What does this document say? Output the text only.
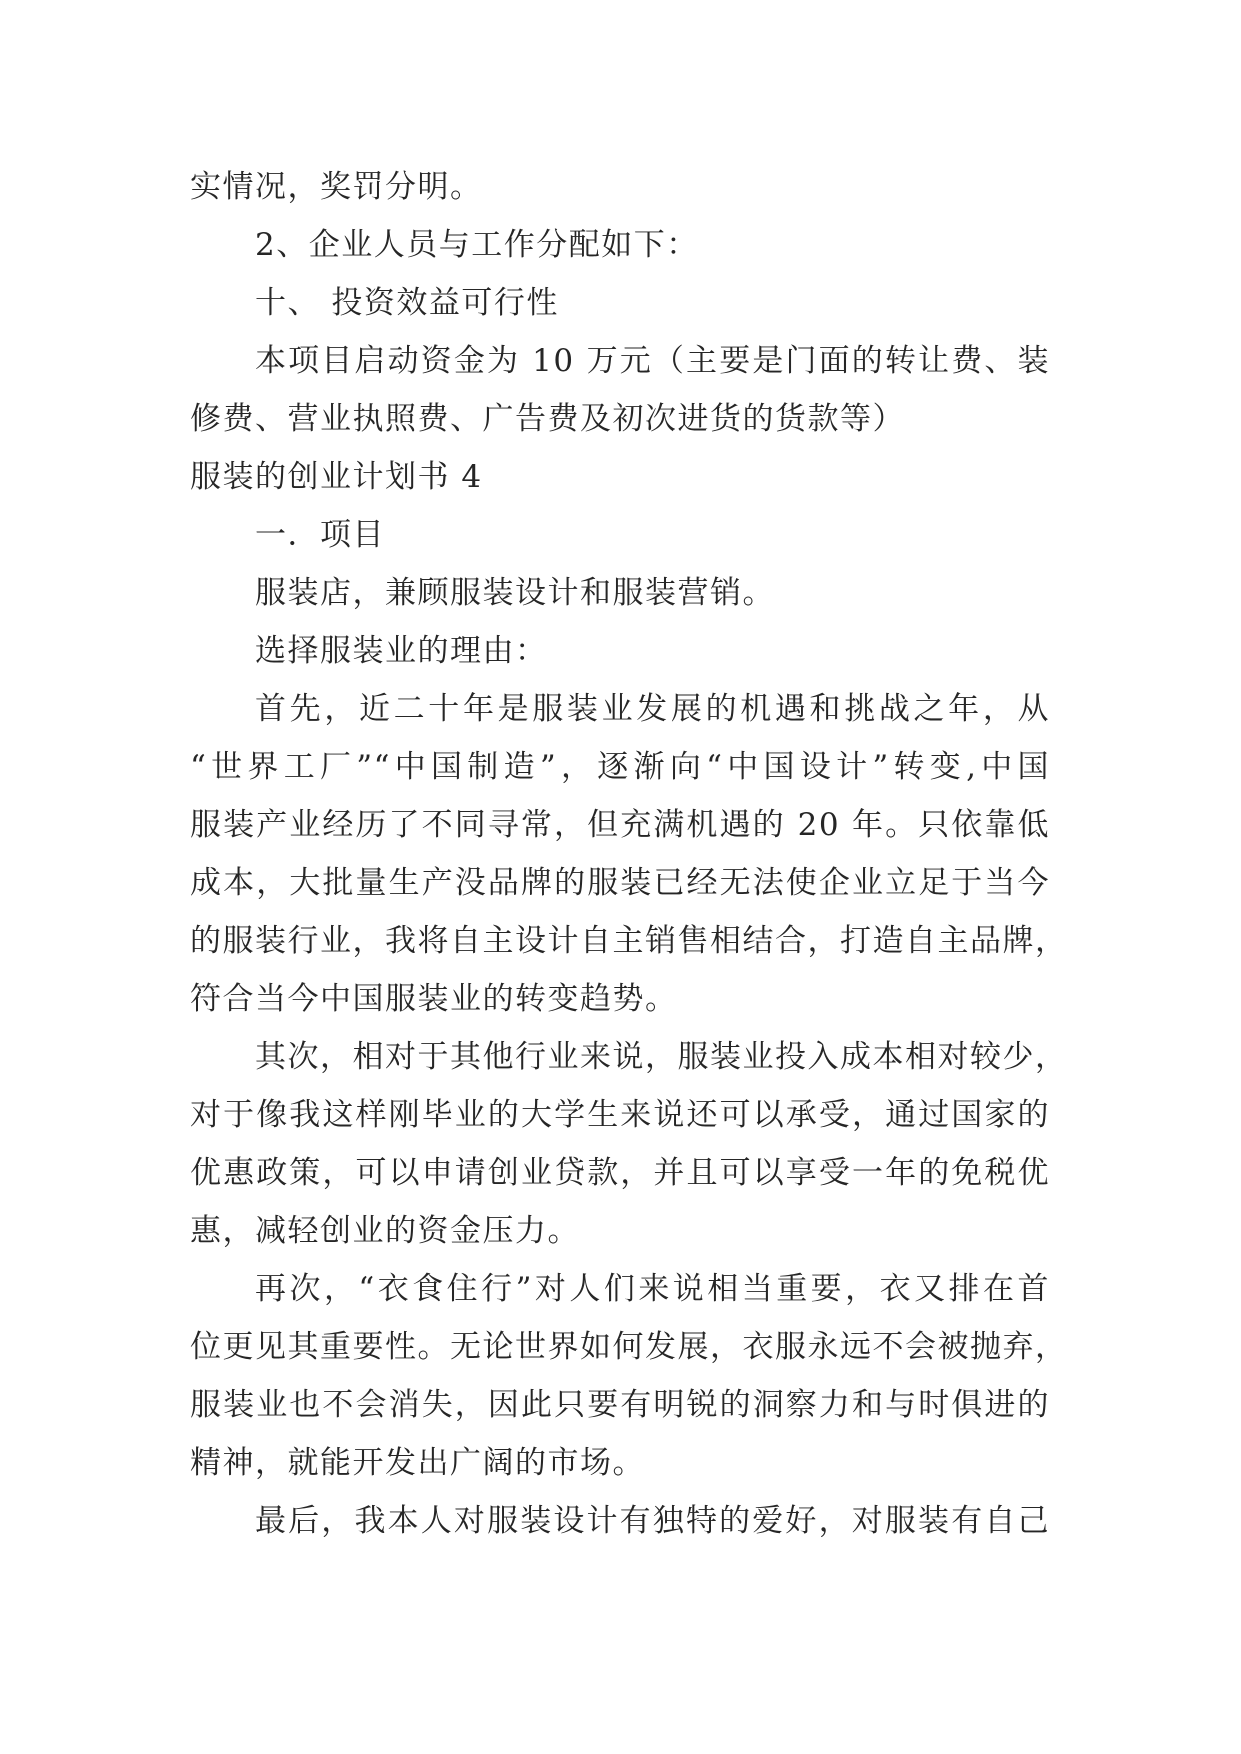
实情况，奖罚分明。
2、企业人员与工作分配如下：
十、 投资效益可行性
本项目启动资金为 10 万元（主要是门面的转让费、装
修费、营业执照费、广告费及初次进货的货款等）
服装的创业计划书 4
一．项目
服装店，兼顾服装设计和服装营销。
选择服装业的理由：
首先，近二十年是服装业发展的机遇和挑战之年，从
“世界工厂”“中国制造”，逐渐向“中国设计”转变,中国
服装产业经历了不同寻常，但充满机遇的 20 年。只依靠低
成本，大批量生产没品牌的服装已经无法使企业立足于当今
的服装行业，我将自主设计自主销售相结合，打造自主品牌，
符合当今中国服装业的转变趋势。
其次，相对于其他行业来说，服装业投入成本相对较少，
对于像我这样刚毕业的大学生来说还可以承受，通过国家的
优惠政策，可以申请创业贷款，并且可以享受一年的免税优
惠，减轻创业的资金压力。
再次，“衣食住行”对人们来说相当重要，衣又排在首
位更见其重要性。无论世界如何发展，衣服永远不会被抛弃，
服装业也不会消失，因此只要有明锐的洞察力和与时俱进的
精神，就能开发出广阔的市场。
最后，我本人对服装设计有独特的爱好，对服装有自己
